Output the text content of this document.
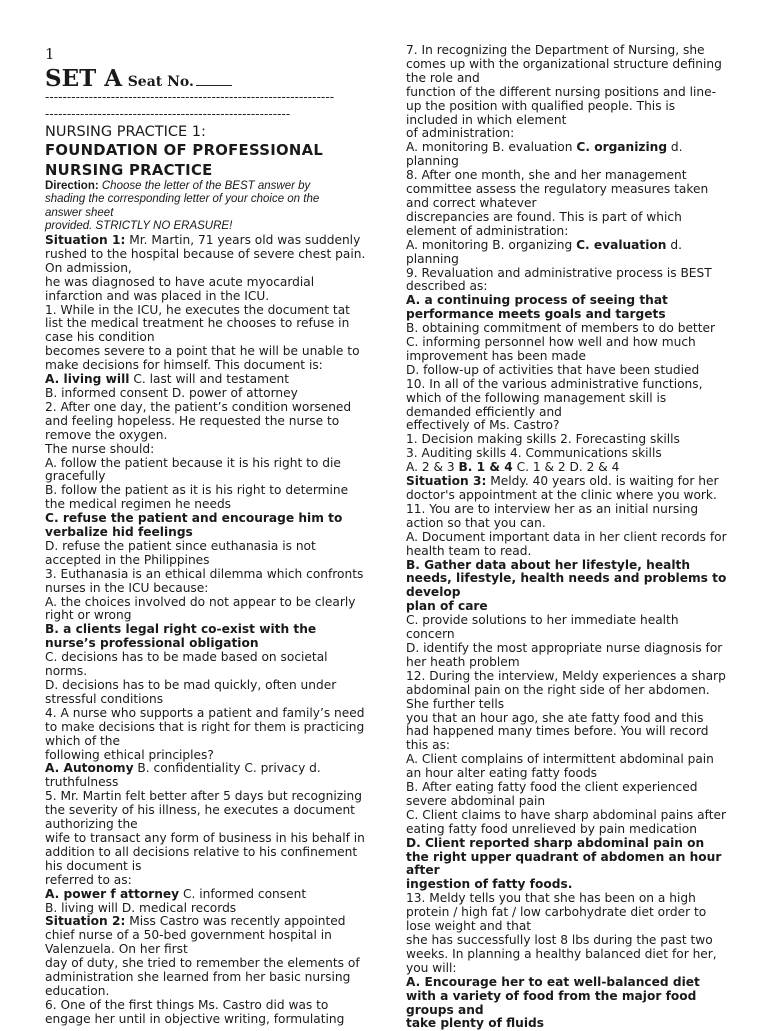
1
SET A Seat No.
------------------------------------------------------------------
--------------------------------------------------------
NURSING PRACTICE 1:
FOUNDATION OF PROFESSIONAL
NURSING PRACTICE
Direction: Choose the letter of the BEST answer by
shading the corresponding letter of your choice on the
answer sheet
provided. STRICTLY NO ERASURE!
Situation 1: Mr. Martin, 71 years old was suddenly
rushed to the hospital because of severe chest pain.
On admission,
he was diagnosed to have acute myocardial
infarction and was placed in the ICU.
1. While in the ICU, he executes the document tat
list the medical treatment he chooses to refuse in
case his condition
becomes severe to a point that he will be unable to
make decisions for himself. This document is:
A. living will C. last will and testament
B. informed consent D. power of attorney
2. After one day, the patient’s condition worsened
and feeling hopeless. He requested the nurse to
remove the oxygen.
The nurse should:
A. follow the patient because it is his right to die
gracefully
B. follow the patient as it is his right to determine
the medical regimen he needs
C. refuse the patient and encourage him to
verbalize hid feelings
D. refuse the patient since euthanasia is not
accepted in the Philippines
3. Euthanasia is an ethical dilemma which confronts
nurses in the ICU because:
A. the choices involved do not appear to be clearly
right or wrong
B. a clients legal right co-exist with the
nurse’s professional obligation
C. decisions has to be made based on societal
norms.
D. decisions has to be mad quickly, often under
stressful conditions
4. A nurse who supports a patient and family’s need
to make decisions that is right for them is practicing
which of the
following ethical principles?
A. Autonomy B. confidentiality C. privacy d.
truthfulness
5. Mr. Martin felt better after 5 days but recognizing
the severity of his illness, he executes a document
authorizing the
wife to transact any form of business in his behalf in
addition to all decisions relative to his confinement
his document is
referred to as:
A. power f attorney C. informed consent
B. living will D. medical records
Situation 2: Miss Castro was recently appointed
chief nurse of a 50-bed government hospital in
Valenzuela. On her first
day of duty, she tried to remember the elements of
administration she learned from her basic nursing
education.
6. One of the first things Ms. Castro did was to
engage her until in objective writing, formulating
7. In recognizing the Department of Nursing, she
comes up with the organizational structure defining
the role and
function of the different nursing positions and line-
up the position with qualified people. This is
included in which element
of administration:
A. monitoring B. evaluation C. organizing d.
planning
8. After one month, she and her management
committee assess the regulatory measures taken
and correct whatever
discrepancies are found. This is part of which
element of administration:
A. monitoring B. organizing C. evaluation d.
planning
9. Revaluation and administrative process is BEST
described as:
A. a continuing process of seeing that
performance meets goals and targets
B. obtaining commitment of members to do better
C. informing personnel how well and how much
improvement has been made
D. follow-up of activities that have been studied
10. In all of the various administrative functions,
which of the following management skill is
demanded efficiently and
effectively of Ms. Castro?
1. Decision making skills 2. Forecasting skills
3. Auditing skills 4. Communications skills
A. 2 & 3 B. 1 & 4 C. 1 & 2 D. 2 & 4
Situation 3: Meldy. 40 years old. is waiting for her
doctor's appointment at the clinic where you work.
11. You are to interview her as an initial nursing
action so that you can.
A. Document important data in her client records for
health team to read.
B. Gather data about her lifestyle, health
needs, lifestyle, health needs and problems to
develop
plan of care
C. provide solutions to her immediate health
concern
D. identify the most appropriate nurse diagnosis for
her heath problem
12. During the interview, Meldy experiences a sharp
abdominal pain on the right side of her abdomen.
She further tells
you that an hour ago, she ate fatty food and this
had happened many times before. You will record
this as:
A. Client complains of intermittent abdominal pain
an hour alter eating fatty foods
B. After eating fatty food the client experienced
severe abdominal pain
C. Client claims to have sharp abdominal pains after
eating fatty food unrelieved by pain medication
D. Client reported sharp abdominal pain on
the right upper quadrant of abdomen an hour
after
ingestion of fatty foods.
13. Meldy tells you that she has been on a high
protein / high fat / low carbohydrate diet order to
lose weight and that
she has successfully lost 8 lbs during the past two
weeks. In planning a healthy balanced diet for her,
you will:
A. Encourage her to eat well-balanced diet
with a variety of food from the major food
groups and
take plenty of fluids
